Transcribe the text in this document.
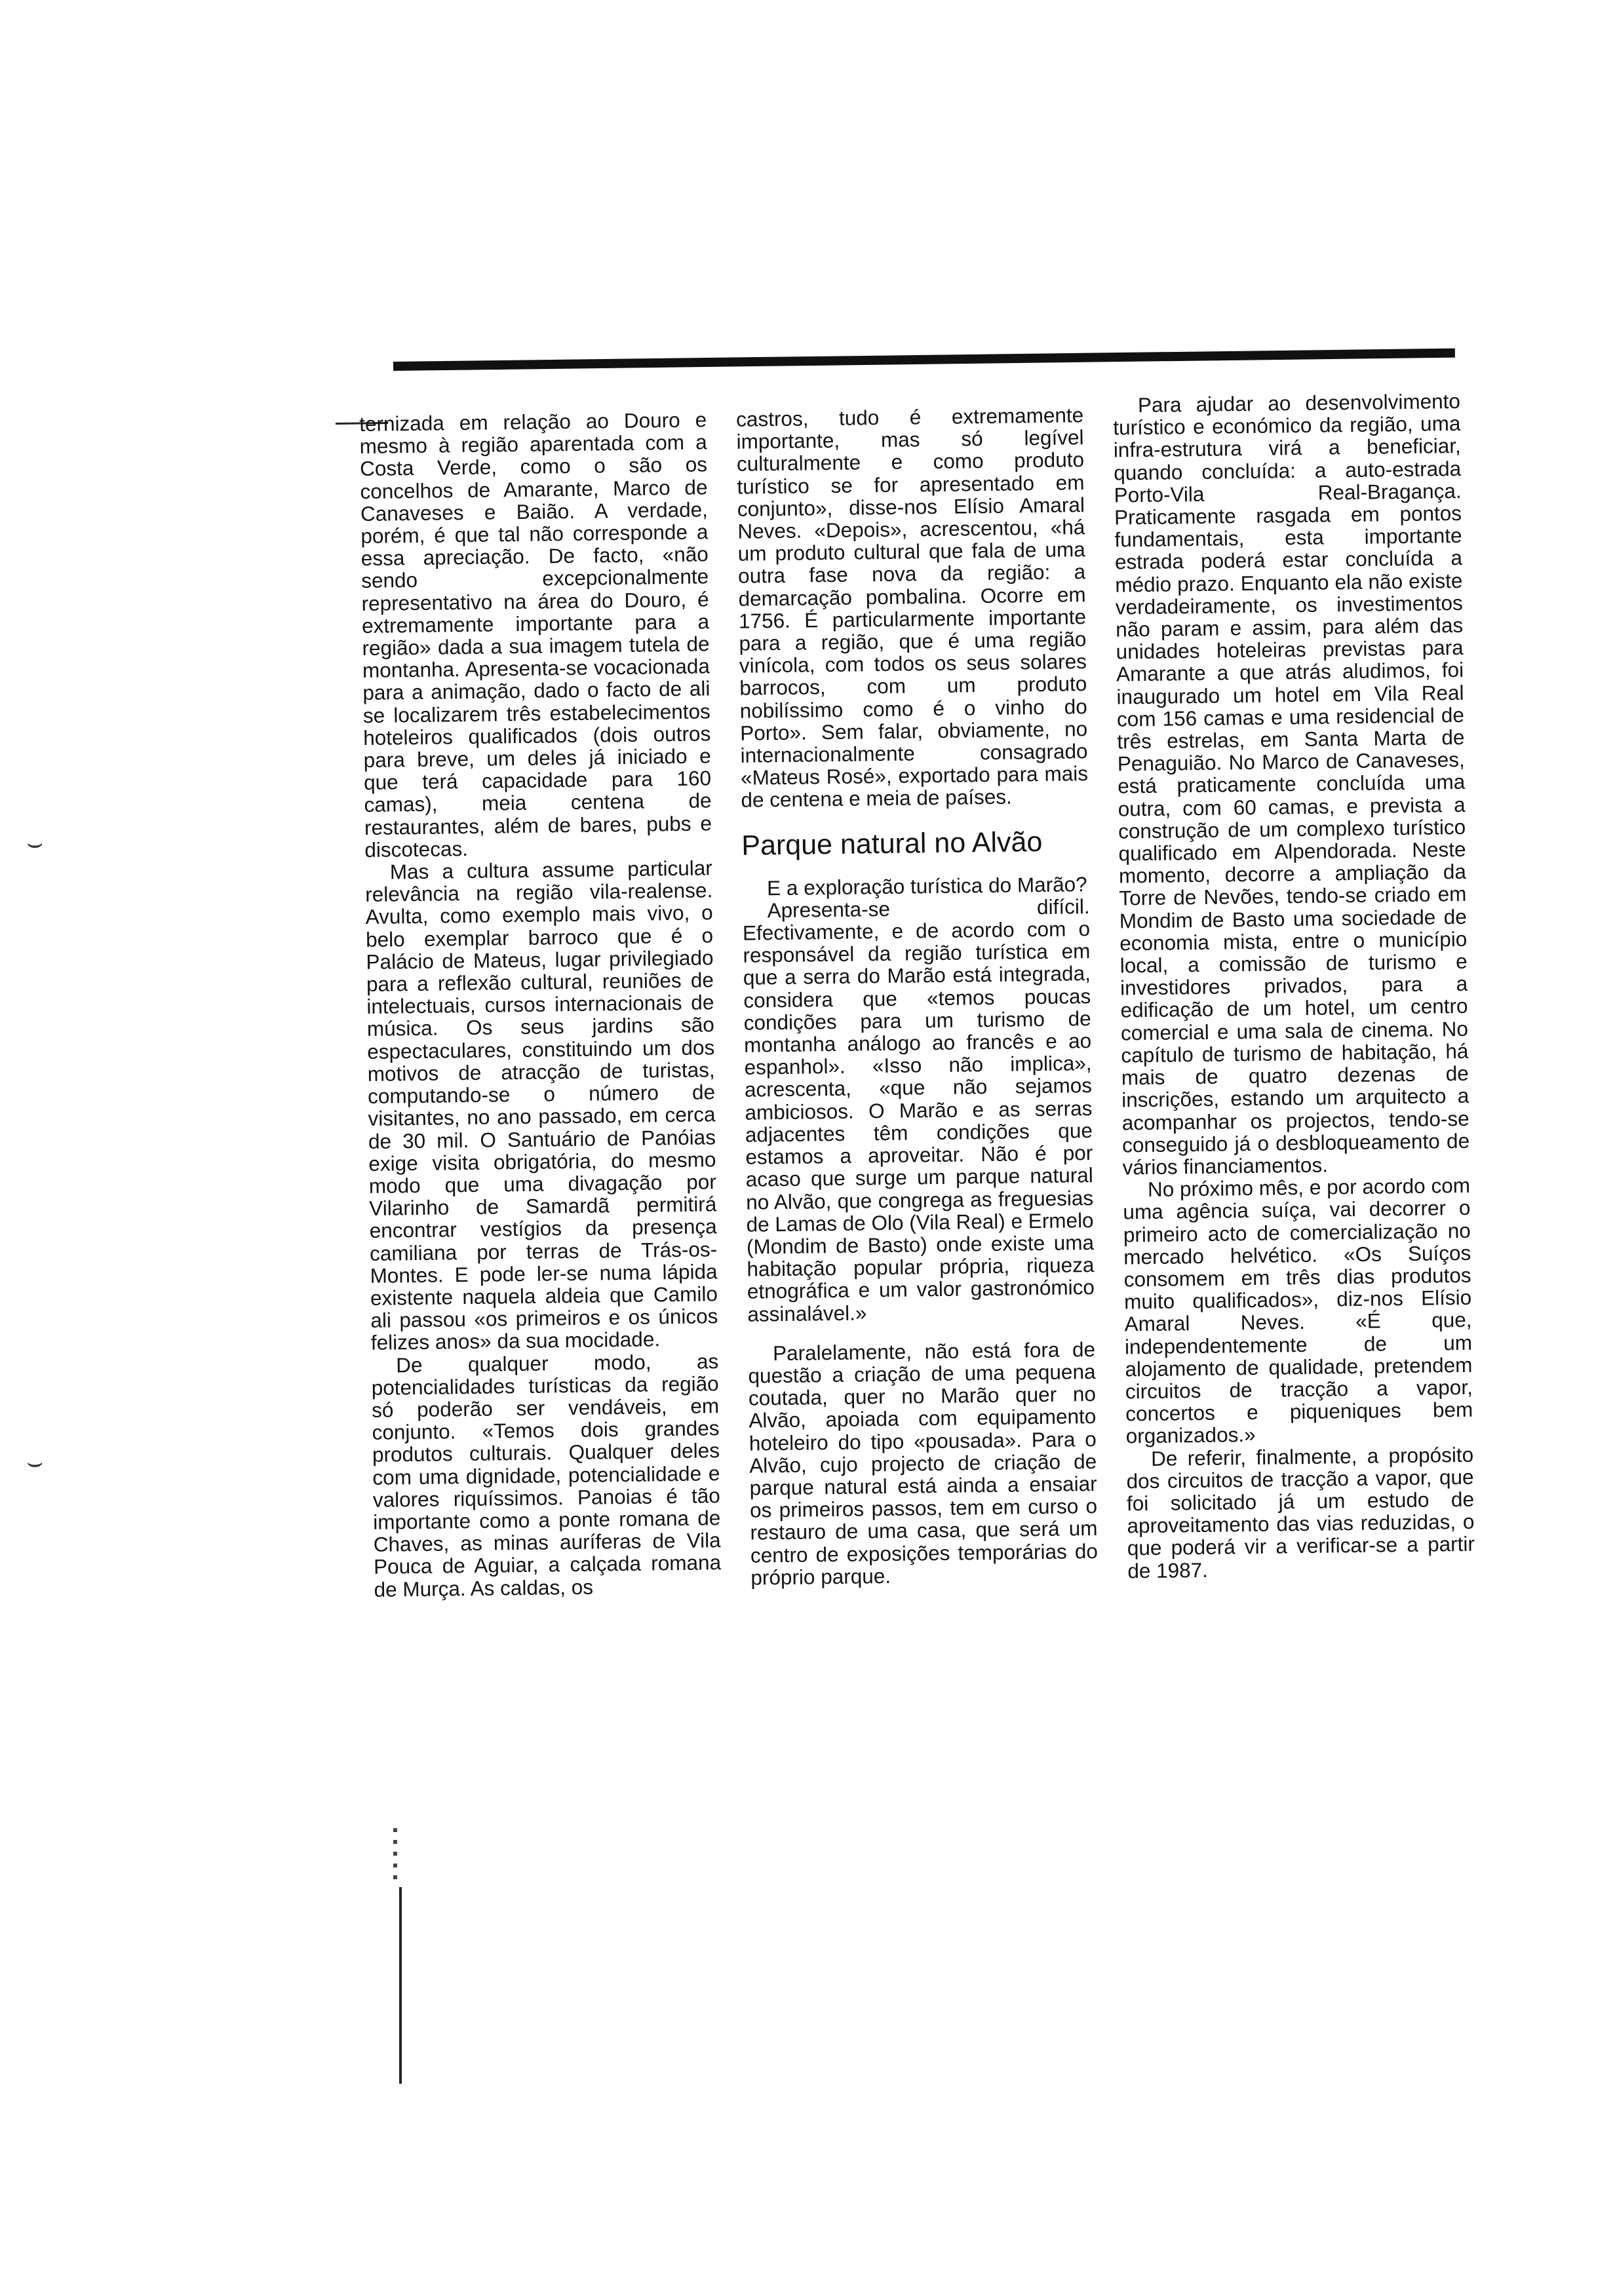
⌣
⌣

ternizada em relação ao Douro e mesmo à região aparentada com a Costa Verde, como o são os concelhos de Amarante, Marco de Canaveses e Baião. A verdade, porém, é que tal não corresponde a essa apreciação. De facto, «não sendo excepcionalmente representativo na área do Douro, é extremamente importante para a região» dada a sua imagem tutela de montanha. Apresenta-se vocacionada para a animação, dado o facto de ali se localizarem três estabelecimentos hoteleiros qualificados (dois outros para breve, um deles já iniciado e que terá capacidade para 160 camas), meia centena de restaurantes, além de bares, pubs e discotecas.

Mas a cultura assume particular relevância na região vila-realense. Avulta, como exemplo mais vivo, o belo exemplar barroco que é o Palácio de Mateus, lugar privilegiado para a reflexão cultural, reuniões de intelectuais, cursos internacionais de música. Os seus jardins são espectaculares, constituindo um dos motivos de atracção de turistas, computando-se o número de visitantes, no ano passado, em cerca de 30 mil. O Santuário de Panóias exige visita obrigatória, do mesmo modo que uma divagação por Vilarinho de Samardã permitirá encontrar vestígios da presença camiliana por terras de Trás-os-Montes. E pode ler-se numa lápida existente naquela aldeia que Camilo ali passou «os primeiros e os únicos felizes anos» da sua mocidade.

De qualquer modo, as potencialidades turísticas da região só poderão ser vendáveis, em conjunto. «Temos dois grandes produtos culturais. Qualquer deles com uma dignidade, potencialidade e valores riquíssimos. Panoias é tão importante como a ponte romana de Chaves, as minas auríferas de Vila Pouca de Aguiar, a calçada romana de Murça. As caldas, os

castros, tudo é extremamente importante, mas só legível culturalmente e como produto turístico se for apresentado em conjunto», disse-nos Elísio Amaral Neves. «Depois», acrescentou, «há um produto cultural que fala de uma outra fase nova da região: a demarcação pombalina. Ocorre em 1756. É particularmente importante para a região, que é uma região vinícola, com todos os seus solares barrocos, com um produto nobilíssimo como é o vinho do Porto». Sem falar, obviamente, no internacionalmente consagrado «Mateus Rosé», exportado para mais de centena e meia de países.

Parque natural no Alvão

E a exploração turística do Marão?

Apresenta-se difícil. Efectivamente, e de acordo com o responsável da região turística em que a serra do Marão está integrada, considera que «temos poucas condições para um turismo de montanha análogo ao francês e ao espanhol». «Isso não implica», acrescenta, «que não sejamos ambiciosos. O Marão e as serras adjacentes têm condições que estamos a aproveitar. Não é por acaso que surge um parque natural no Alvão, que congrega as freguesias de Lamas de Olo (Vila Real) e Ermelo (Mondim de Basto) onde existe uma habitação popular própria, riqueza etnográfica e um valor gastronómico assinalável.»

Paralelamente, não está fora de questão a criação de uma pequena coutada, quer no Marão quer no Alvão, apoiada com equipamento hoteleiro do tipo «pousada». Para o Alvão, cujo projecto de criação de parque natural está ainda a ensaiar os primeiros passos, tem em curso o restauro de uma casa, que será um centro de exposições temporárias do próprio parque.

Para ajudar ao desenvolvimento turístico e económico da região, uma infra-estrutura virá a beneficiar, quando concluída: a auto-estrada Porto-Vila Real-Bragança. Praticamente rasgada em pontos fundamentais, esta importante estrada poderá estar concluída a médio prazo. Enquanto ela não existe verdadeiramente, os investimentos não param e assim, para além das unidades hoteleiras previstas para Amarante a que atrás aludimos, foi inaugurado um hotel em Vila Real com 156 camas e uma residencial de três estrelas, em Santa Marta de Penaguião. No Marco de Canaveses, está praticamente concluída uma outra, com 60 camas, e prevista a construção de um complexo turístico qualificado em Alpendorada. Neste momento, decorre a ampliação da Torre de Nevões, tendo-se criado em Mondim de Basto uma sociedade de economia mista, entre o município local, a comissão de turismo e investidores privados, para a edificação de um hotel, um centro comercial e uma sala de cinema. No capítulo de turismo de habitação, há mais de quatro dezenas de inscrições, estando um arquitecto a acompanhar os projectos, tendo-se conseguido já o desbloqueamento de vários financiamentos.

No próximo mês, e por acordo com uma agência suíça, vai decorrer o primeiro acto de comercialização no mercado helvético. «Os Suíços consomem em três dias produtos muito qualificados», diz-nos Elísio Amaral Neves. «É que, independentemente de um alojamento de qualidade, pretendem circuitos de tracção a vapor, concertos e piqueniques bem organizados.»

De referir, finalmente, a propósito dos circuitos de tracção a vapor, que foi solicitado já um estudo de aproveitamento das vias reduzidas, o que poderá vir a verificar-se a partir de 1987.
